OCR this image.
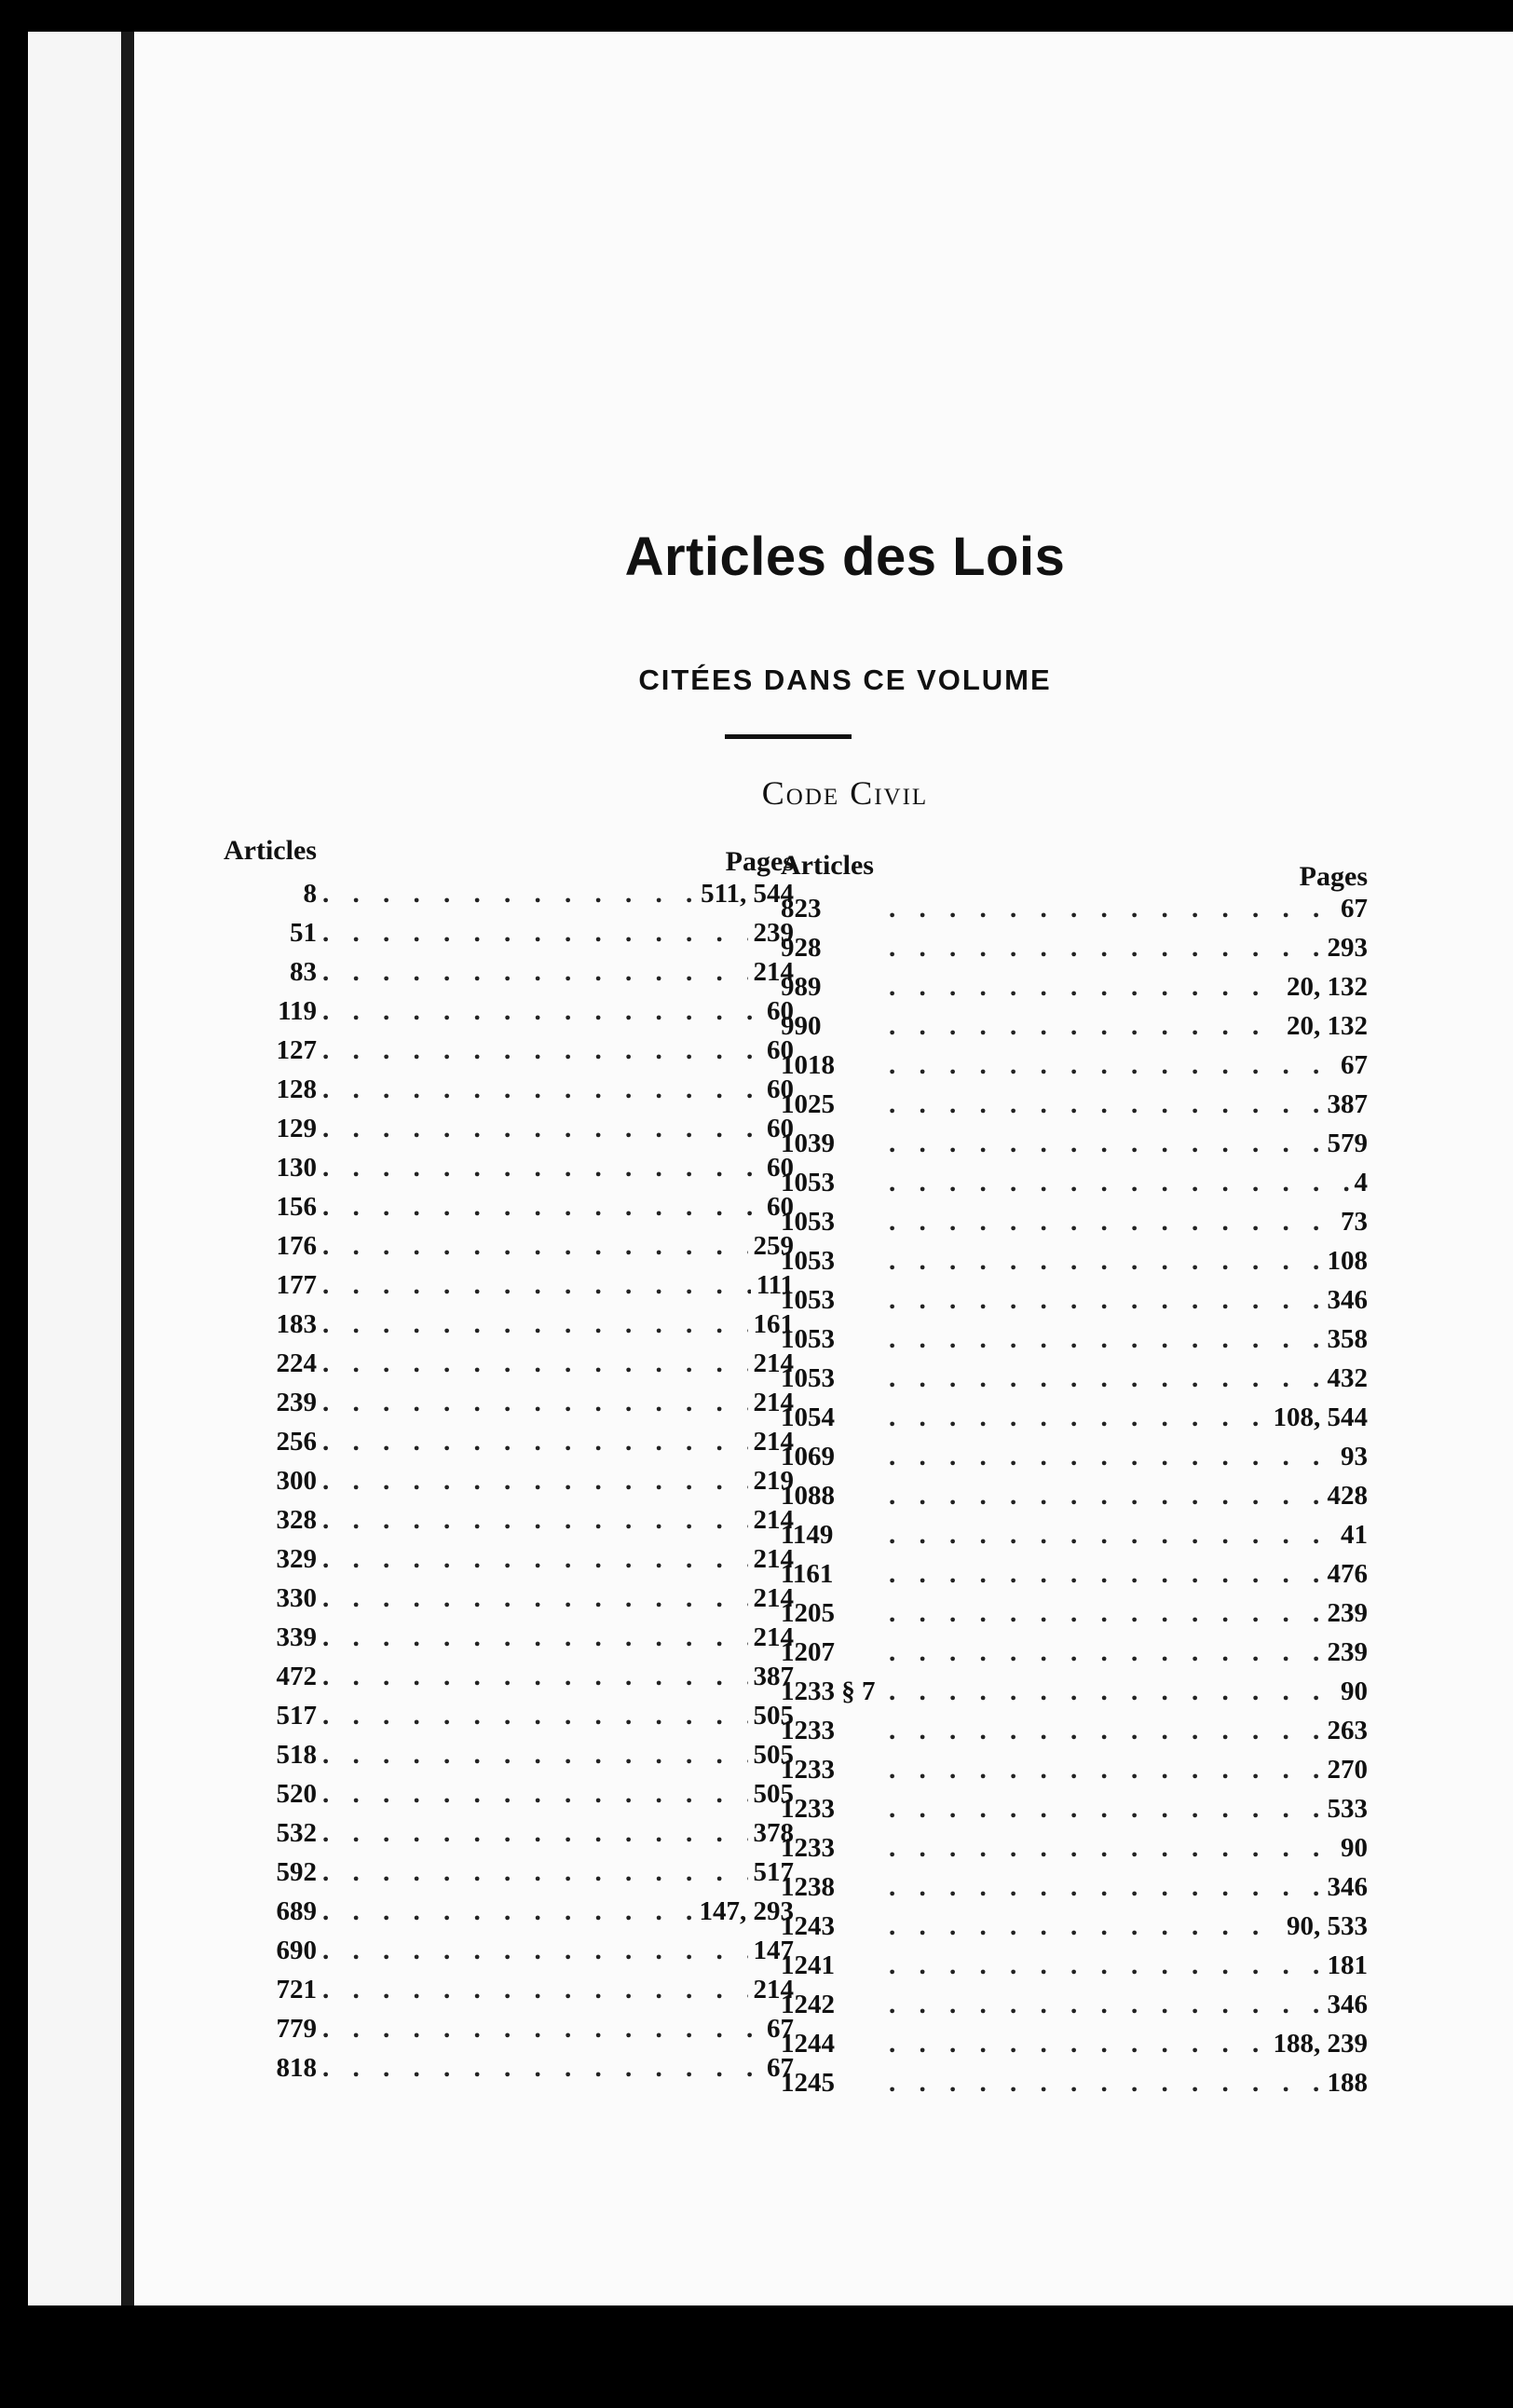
Articles des Lois
CITÉES DANS CE VOLUME
Code Civil
Articles	Pages
8 . . .	511, 544
51 . . .	239
83 . . .	214
119 . . .	60
127 . . .	60
128 . . .	60
129 . . .	60
130 . . .	60
156 . . .	60
176 . . .	259
177 . . .	111
183 . . .	161
224 . . .	214
239 . . .	214
256 . . .	214
300 . . .	219
328 . . .	214
329 . . .	214
330 . . .	214
339 . . .	214
472 . . .	387
517 . . .	505
518 . . .	505
520 . . .	505
532 . . .	378
592 . . .	517
689 . . .	147, 293
690 . . .	147
721 . . .	214
779 . . .	67
818 . . .	67
Articles	Pages
823 . . .	67
928 . . .	293
989 . . .	20, 132
990 . . .	20, 132
1018 . . .	67
1025 . . .	387
1039 . . .	579
1053 . . .	4
1053 . . .	73
1053 . . .	108
1053 . . .	346
1053 . . .	358
1053 . . .	432
1054 . . .	108, 544
1069 . . .	93
1088 . . .	428
1149 . . .	41
1161 . . .	476
1205 . . .	239
1207 . . .	239
1233 § 7 . . .	90
1233 . . .	263
1233 . . .	270
1233 . . .	533
1233 . . .	90
1238 . . .	346
1243 . . .	90, 533
1241 . . .	181
1242 . . .	346
1244 . . .	188, 239
1245 . . .	188
